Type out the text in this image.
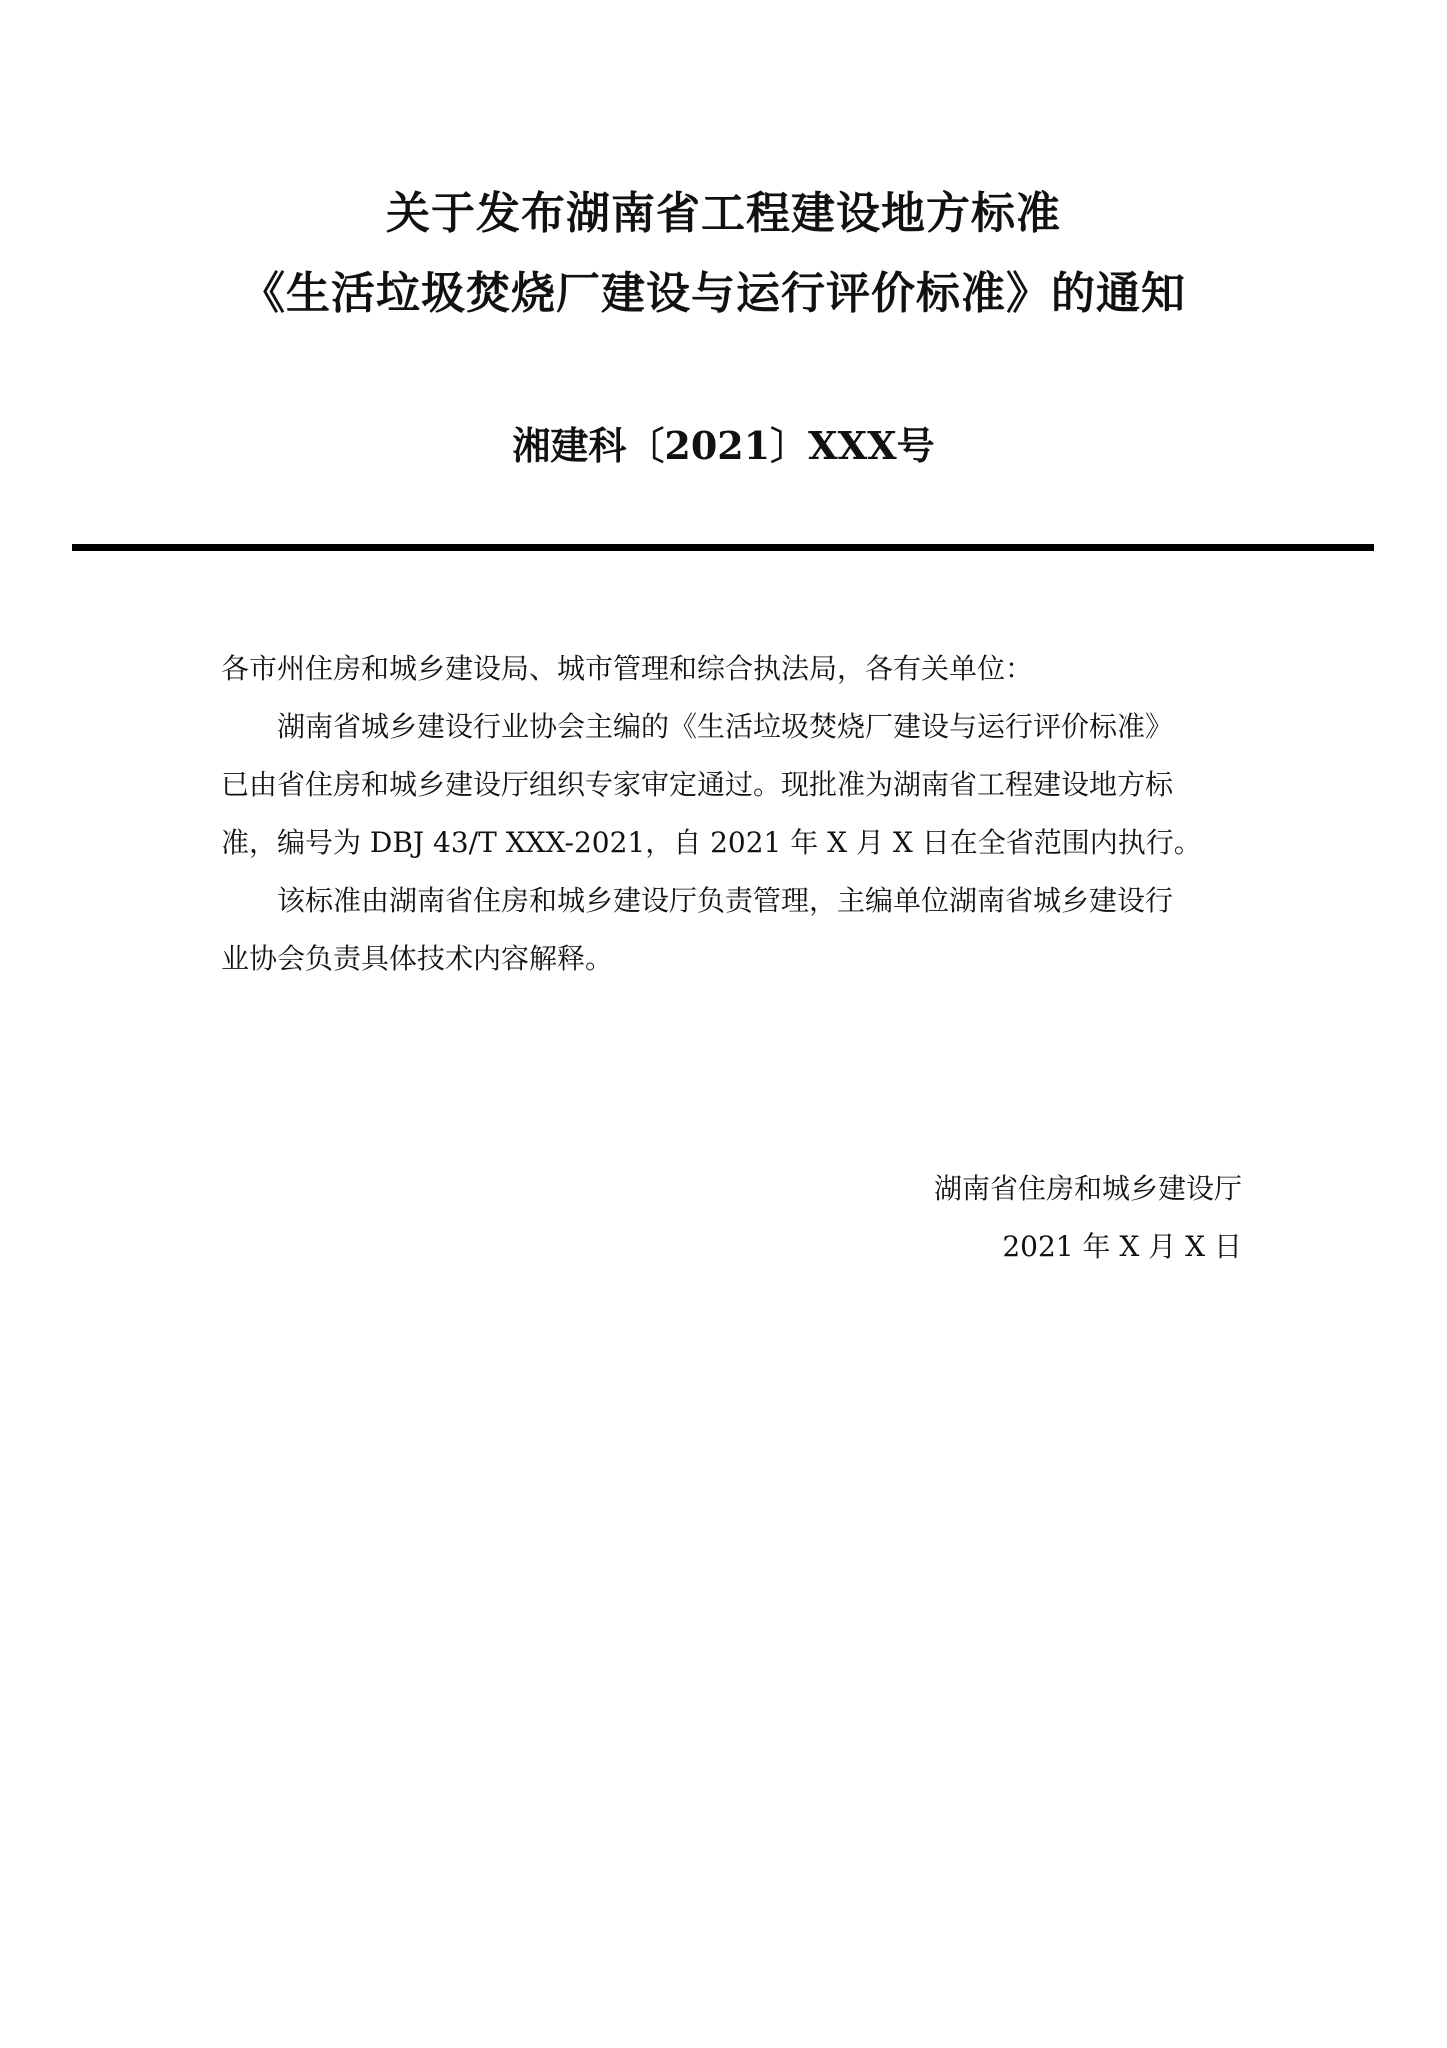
关于发布湖南省工程建设地方标准
《生活垃圾焚烧厂建设与运行评价标准》的通知
湘建科〔2021〕XXX号
各市州住房和城乡建设局、城市管理和综合执法局，各有关单位：
湖南省城乡建设行业协会主编的《生活垃圾焚烧厂建设与运行评价标准》
已由省住房和城乡建设厅组织专家审定通过。现批准为湖南省工程建设地方标
准，编号为 DBJ 43/T XXX-2021，自 2021 年 X 月 X 日在全省范围内执行。
该标准由湖南省住房和城乡建设厅负责管理，主编单位湖南省城乡建设行
业协会负责具体技术内容解释。
湖南省住房和城乡建设厅
2021 年 X 月 X 日
